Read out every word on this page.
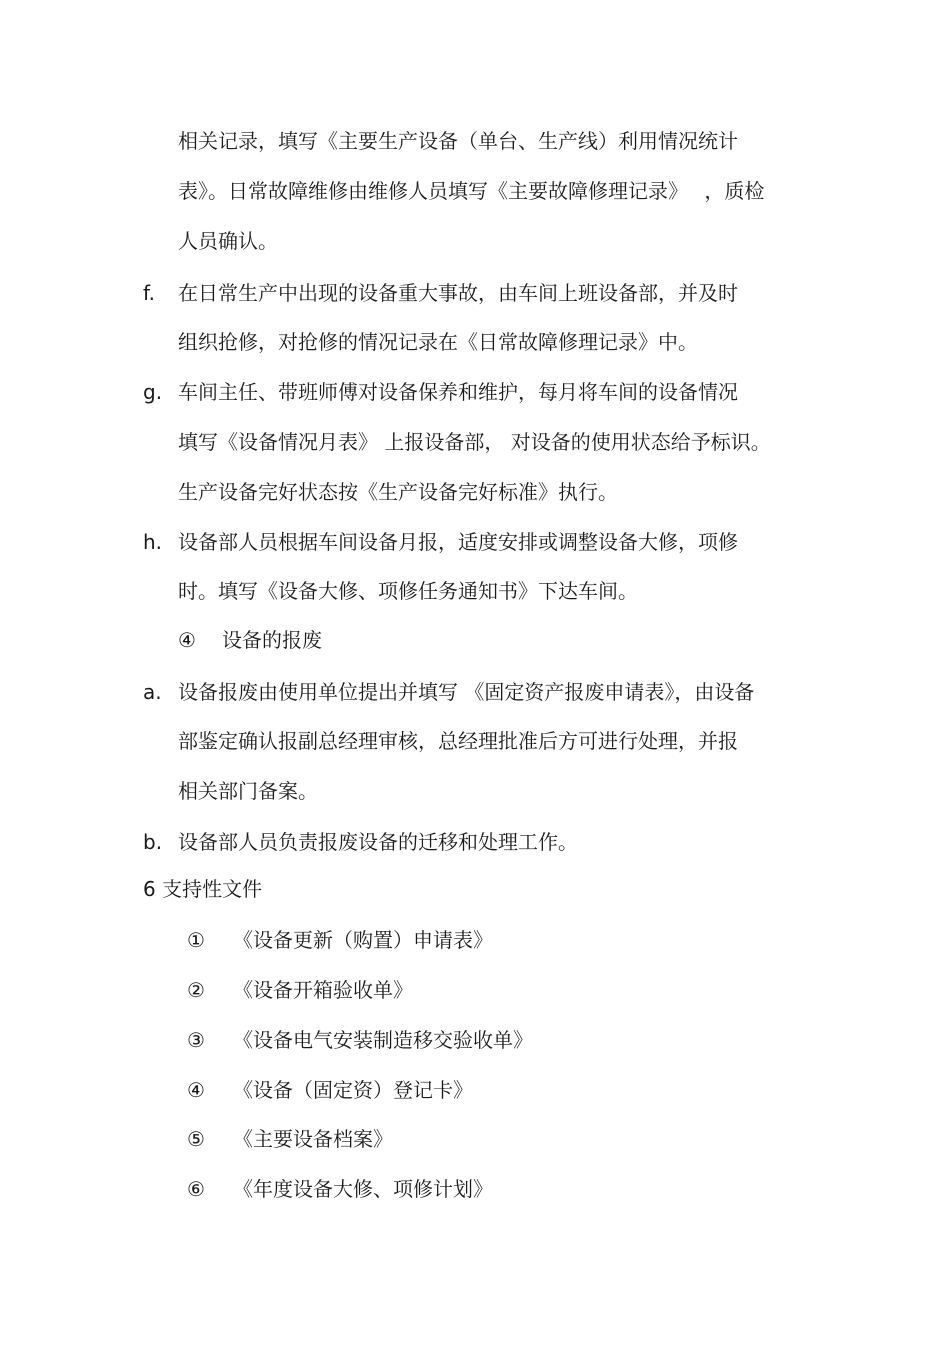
相关记录，填写《主要生产设备（单台、生产线）利用情况统计
表》。日常故障维修由维修人员填写《主要故障修理记录》　 ，质检
人员确认。
f. 在日常生产中出现的设备重大事故，由车间上班设备部，并及时
组织抢修，对抢修的情况记录在《日常故障修理记录》中。
g. 车间主任、带班师傅对设备保养和维护，每月将车间的设备情况
填写《设备情况月表》 上报设备部， 对设备的使用状态给予标识。
生产设备完好状态按《生产设备完好标准》执行。
h. 设备部人员根据车间设备月报，适度安排或调整设备大修，项修
时。填写《设备大修、项修任务通知书》下达车间。
④ 设备的报废
a. 设备报废由使用单位提出并填写 《固定资产报废申请表》，由设备
部鉴定确认报副总经理审核，总经理批准后方可进行处理，并报
相关部门备案。
b. 设备部人员负责报废设备的迁移和处理工作。
6 支持性文件
① 《设备更新（购置）申请表》
② 《设备开箱验收单》
③ 《设备电气安装制造移交验收单》
④ 《设备（固定资）登记卡》
⑤ 《主要设备档案》
⑥ 《年度设备大修、项修计划》
